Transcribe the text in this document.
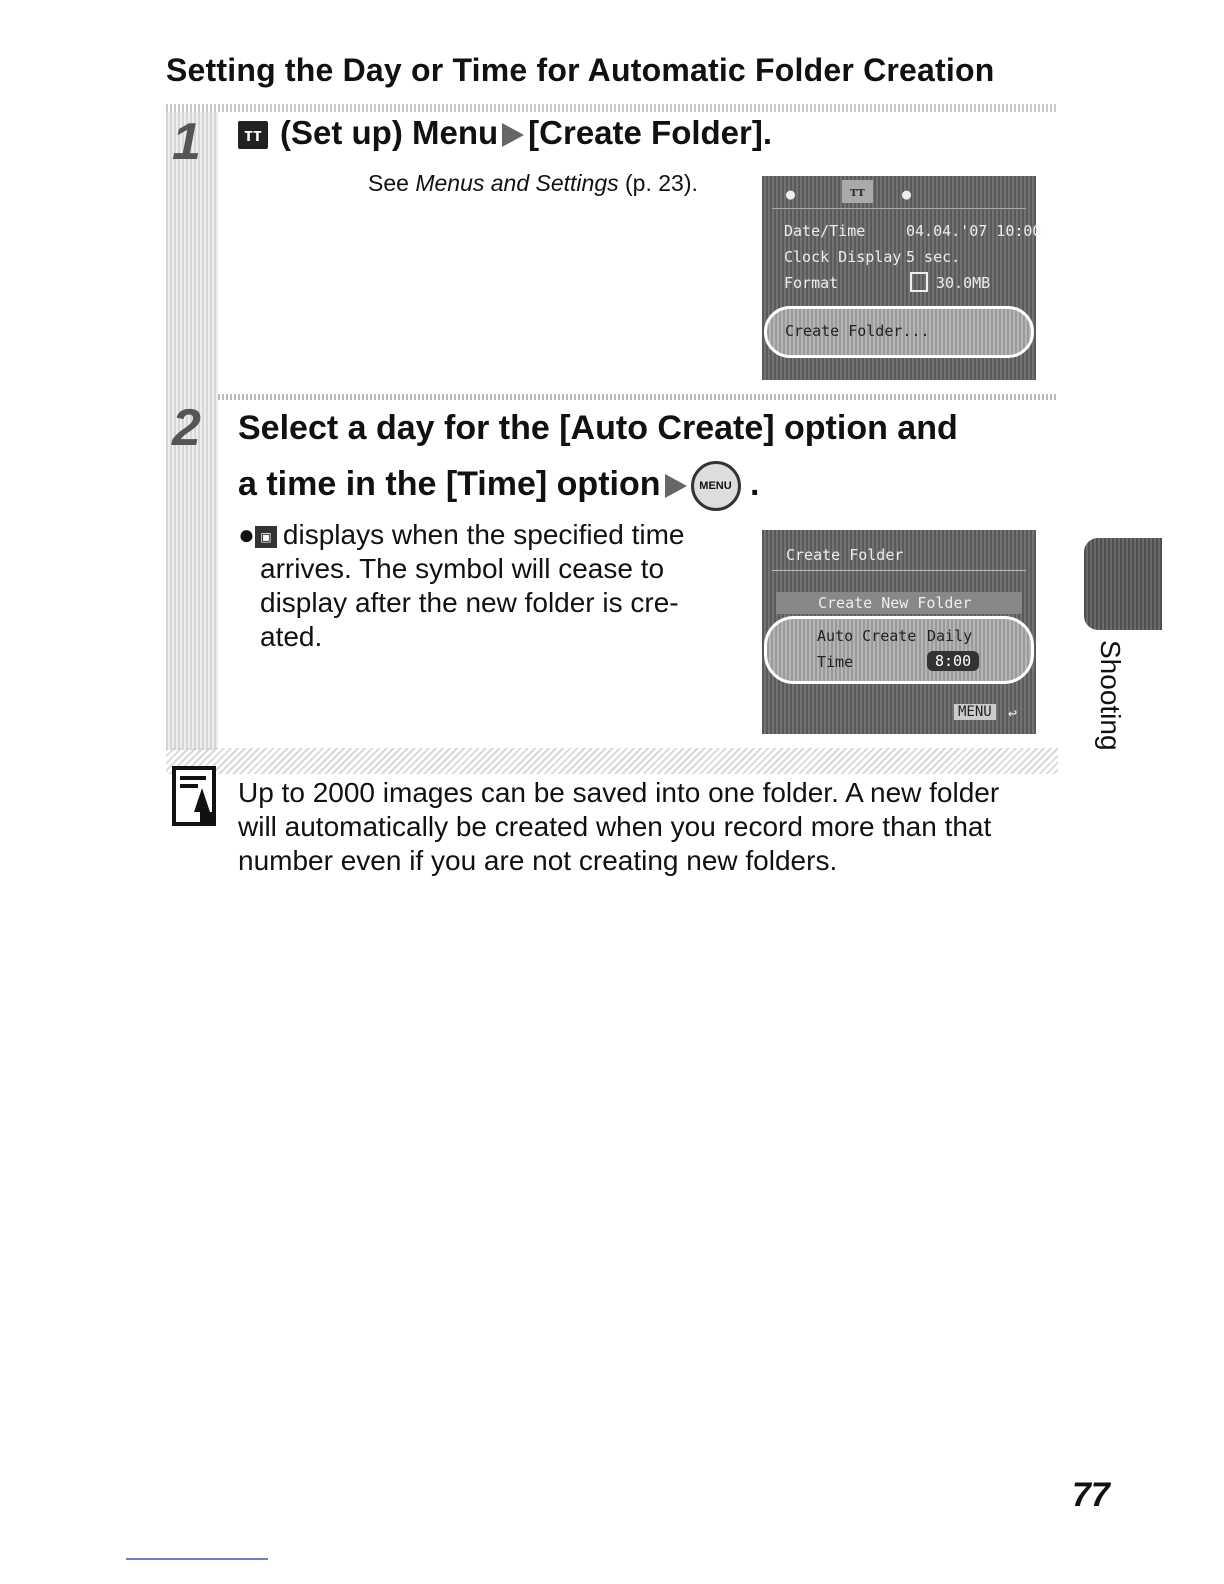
Setting the Day or Time for Automatic Folder Creation
1	ᴛᴛ (Set up) Menu [Create Folder].
See Menus and Settings (p. 23).	●	ᴛᴛ	●
Date/Time	04.04.'07 10:00
Clock Display 5 sec.
Format	30.0MB
Create Folder...
2 Select a day for the [Auto Create] option and
a time in the [Time] option	MENU .
● ▣ displays when the specified time
arrives. The symbol will cease to
display after the new folder is cre-
ated.
Create Folder
Create New Folder
Auto Create Daily
Time	8:00
MENU ↩
Up to 2000 images can be saved into one folder. A new folder
will automatically be created when you record more than that
number even if you are not creating new folders.
Shooting
77
